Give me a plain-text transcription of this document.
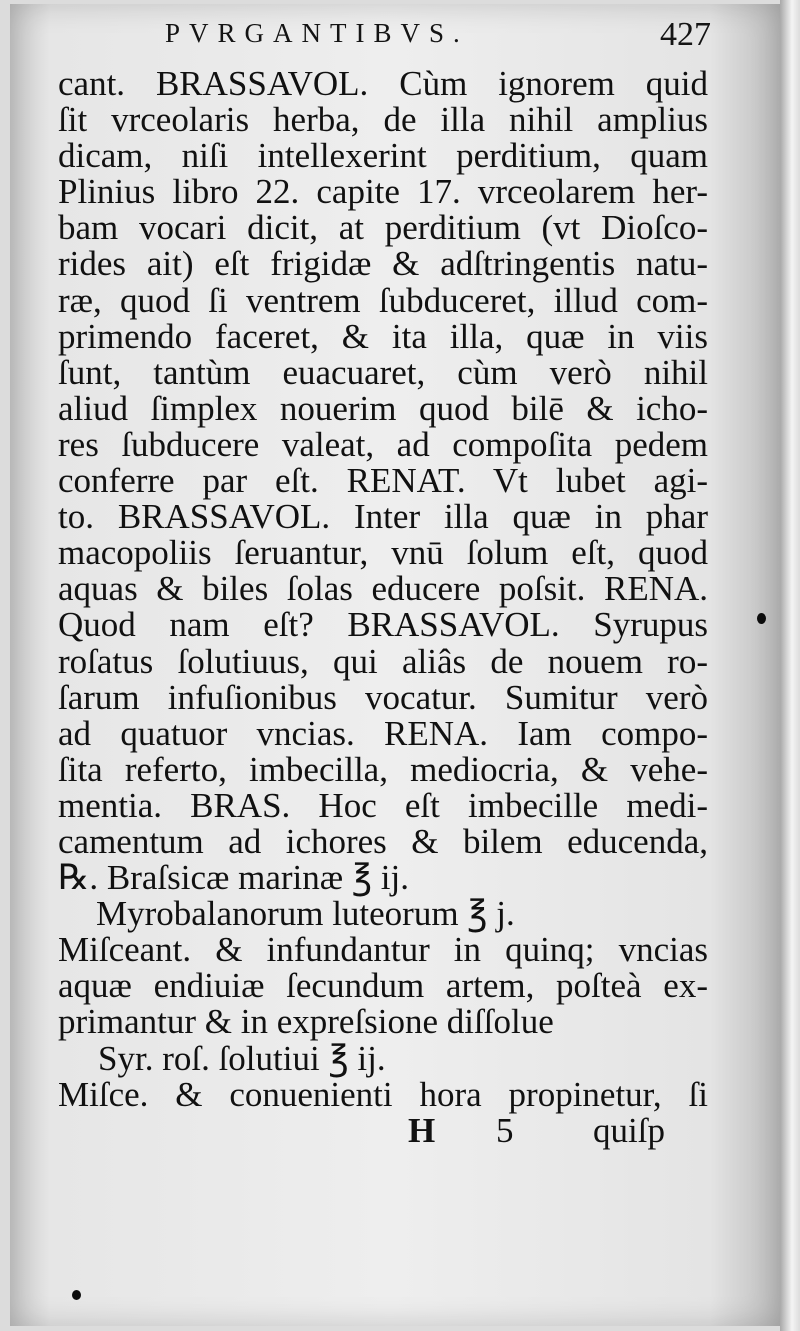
PVRGANTIBVS.	427
cant. BRASSAVOL. Cùm ignorem quid
ſit vrceolaris herba, de illa nihil amplius
dicam, niſi intellexerint perditium, quam
Plinius libro 22. capite 17. vrceolarem her-
bam vocari dicit, at perditium (vt Dioſco-
rides ait) eſt frigidæ & adſtringentis natu-
ræ, quod ſi ventrem ſubduceret, illud com-
primendo faceret, & ita illa, quæ in viis
ſunt, tantùm euacuaret, cùm verò nihil
aliud ſimplex nouerim quod bilē & icho-
res ſubducere valeat, ad compoſita pedem
conferre par eſt. RENAT. Vt lubet agi-
to. BRASSAVOL. Inter illa quæ in phar
macopoliis ſeruantur, vnū ſolum eſt, quod
aquas & biles ſolas educere poſsit. RENA.
Quod nam eſt? BRASSAVOL. Syrupus
roſatus ſolutiuus, qui aliâs de nouem ro-
ſarum infuſionibus vocatur. Sumitur verò
ad quatuor vncias. RENA. Iam compo-
ſita referto, imbecilla, mediocria, & vehe-
mentia. BRAS. Hoc eſt imbecille medi-
camentum ad ichores & bilem educenda,
℞. Braſsicæ marinæ ℥ ij.
Myrobalanorum luteorum ℥ j.
Miſceant. & infundantur in quinq; vncias
aquæ endiuiæ ſecundum artem, poſteà ex-
primantur & in expreſsione diſſolue
Syr. roſ. ſolutiui ℥ ij.
Miſce. & conuenienti hora propinetur, ſi
H 5 quiſp
